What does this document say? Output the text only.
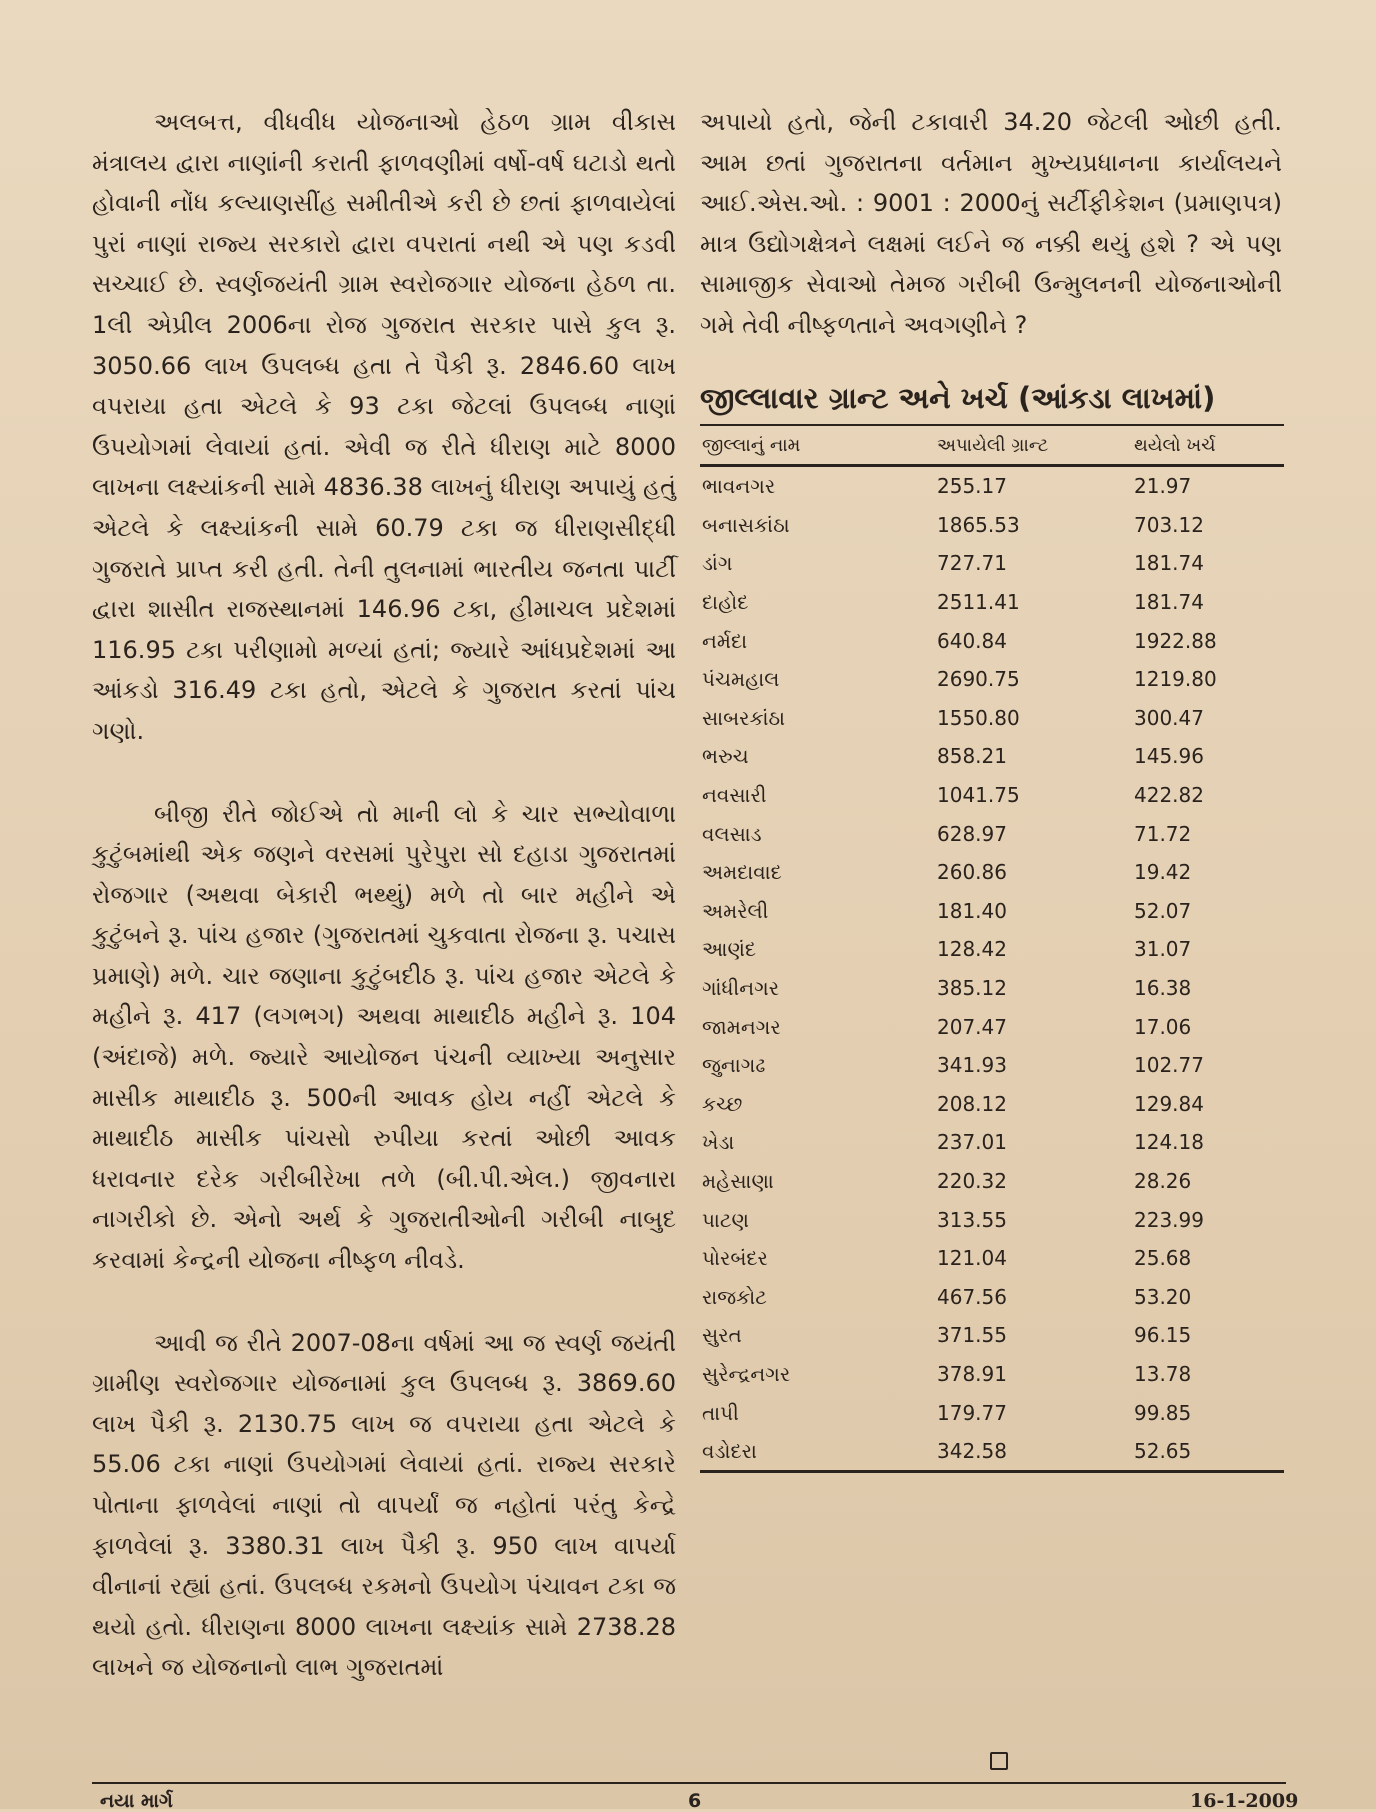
અલબત્ત, વીધવીધ યોજનાઓ હેઠળ ગ્રામ વીકાસ મંત્રાલય દ્વારા નાણાંની કરાતી ફાળવણીમાં વર્ષો-વર્ષ ઘટાડો થતો હોવાની નોંધ કલ્યાણસીંહ સમીતીએ કરી છે છતાં ફાળવાયેલાં પુરાં નાણાં રાજ્ય સરકારો દ્વારા વપરાતાં નથી એ પણ કડવી સચ્ચાઈ છે. સ્વર્ણજયંતી ગ્રામ સ્વરોજગાર યોજના હેઠળ તા. 1લી એપ્રીલ 2006ના રોજ ગુજરાત સરકાર પાસે કુલ રૂ. 3050.66 લાખ ઉપલબ્ધ હતા તે પૈકી રૂ. 2846.60 લાખ વપરાયા હતા એટલે કે 93 ટકા જેટલાં ઉપલબ્ધ નાણાં ઉપયોગમાં લેવાયાં હતાં. એવી જ રીતે ધીરાણ માટે 8000 લાખના લક્ષ્યાંકની સામે 4836.38 લાખનું ધીરાણ અપાયું હતું એટલે કે લક્ષ્યાંકની સામે 60.79 ટકા જ ધીરાણસીદ્ધી ગુજરાતે પ્રાપ્ત કરી હતી. તેની તુલનામાં ભારતીય જનતા પાર્ટી દ્વારા શાસીત રાજસ્થાનમાં 146.96 ટકા, હીમાચલ પ્રદેશમાં 116.95 ટકા પરીણામો મળ્યાં હતાં; જ્યારે આંધપ્રદેશમાં આ આંકડો 316.49 ટકા હતો, એટલે કે ગુજરાત કરતાં પાંચ ગણો.

બીજી રીતે જોઈએ તો માની લો કે ચાર સભ્યોવાળા કુટુંબમાંથી એક જણને વરસમાં પુરેપુરા સો દહાડા ગુજરાતમાં રોજગાર (અથવા બેકારી ભથ્થું) મળે તો બાર મહીને એ કુટુંબને રૂ. પાંચ હજાર (ગુજરાતમાં ચુકવાતા રોજના રૂ. પચાસ પ્રમાણે) મળે. ચાર જણાના કુટુંબદીઠ રૂ. પાંચ હજાર એટલે કે મહીને રૂ. 417 (લગભગ) અથવા માથાદીઠ મહીને રૂ. 104 (અંદાજે) મળે. જ્યારે આયોજન પંચની વ્યાખ્યા અનુસાર માસીક માથાદીઠ રૂ. 500ની આવક હોય નહીં એટલે કે માથાદીઠ માસીક પાંચસો રુપીયા કરતાં ઓછી આવક ધરાવનાર દરેક ગરીબીરેખા તળે (બી.પી.એલ.) જીવનારા નાગરીકો છે. એનો અર્થ કે ગુજરાતીઓની ગરીબી નાબુદ કરવામાં કેન્દ્રની યોજના નીષ્ફળ નીવડે.

આવી જ રીતે 2007-08ના વર્ષમાં આ જ સ્વર્ણ જયંતી ગ્રામીણ સ્વરોજગાર યોજનામાં કુલ ઉપલબ્ધ રૂ. 3869.60 લાખ પૈકી રૂ. 2130.75 લાખ જ વપરાયા હતા એટલે કે 55.06 ટકા નાણાં ઉપયોગમાં લેવાયાં હતાં. રાજ્ય સરકારે પોતાના ફાળવેલાં નાણાં તો વાપર્યાં જ નહોતાં પરંતુ કેન્દ્રે ફાળવેલાં રૂ. 3380.31 લાખ પૈકી રૂ. 950 લાખ વાપર્યા વીનાનાં રહ્યાં હતાં. ઉપલબ્ધ રકમનો ઉપયોગ પંચાવન ટકા જ થયો હતો. ધીરાણના 8000 લાખના લક્ષ્યાંક સામે 2738.28 લાખને જ યોજનાનો લાભ ગુજરાતમાં

અપાયો હતો, જેની ટકાવારી 34.20 જેટલી ઓછી હતી. આમ છતાં ગુજરાતના વર્તમાન મુખ્યપ્રધાનના કાર્યાલયને આઈ.એસ.ઓ. : 9001 : 2000નું સર્ટીફીકેશન (પ્રમાણપત્ર) માત્ર ઉદ્યોગક્ષેત્રને લક્ષમાં લઈને જ નક્કી થયું હશે ? એ પણ સામાજીક સેવાઓ તેમજ ગરીબી ઉન્મુલનની યોજનાઓની ગમે તેવી નીષ્ફળતાને અવગણીને ?

જીલ્લાવાર ગ્રાન્ટ અને ખર્ચ (આંકડા લાખમાં)
જીલ્લાનું નામ	અપાયેલી ગ્રાન્ટ	થયેલો ખર્ચ
ભાવનગર	255.17	21.97
બનાસકાંઠા	1865.53	703.12
ડાંગ	727.71	181.74
દાહોદ	2511.41	181.74
નર્મદા	640.84	1922.88
પંચમહાલ	2690.75	1219.80
સાબરકાંઠા	1550.80	300.47
ભરુચ	858.21	145.96
નવસારી	1041.75	422.82
વલસાડ	628.97	71.72
અમદાવાદ	260.86	19.42
અમરેલી	181.40	52.07
આણંદ	128.42	31.07
ગાંધીનગર	385.12	16.38
જામનગર	207.47	17.06
જુનાગઢ	341.93	102.77
કચ્છ	208.12	129.84
ખેડા	237.01	124.18
મહેસાણા	220.32	28.26
પાટણ	313.55	223.99
પોરબંદર	121.04	25.68
રાજકોટ	467.56	53.20
સુરત	371.55	96.15
સુરેન્દ્રનગર	378.91	13.78
તાપી	179.77	99.85
વડોદરા	342.58	52.65
નયા માર્ગ	6	16-1-2009
